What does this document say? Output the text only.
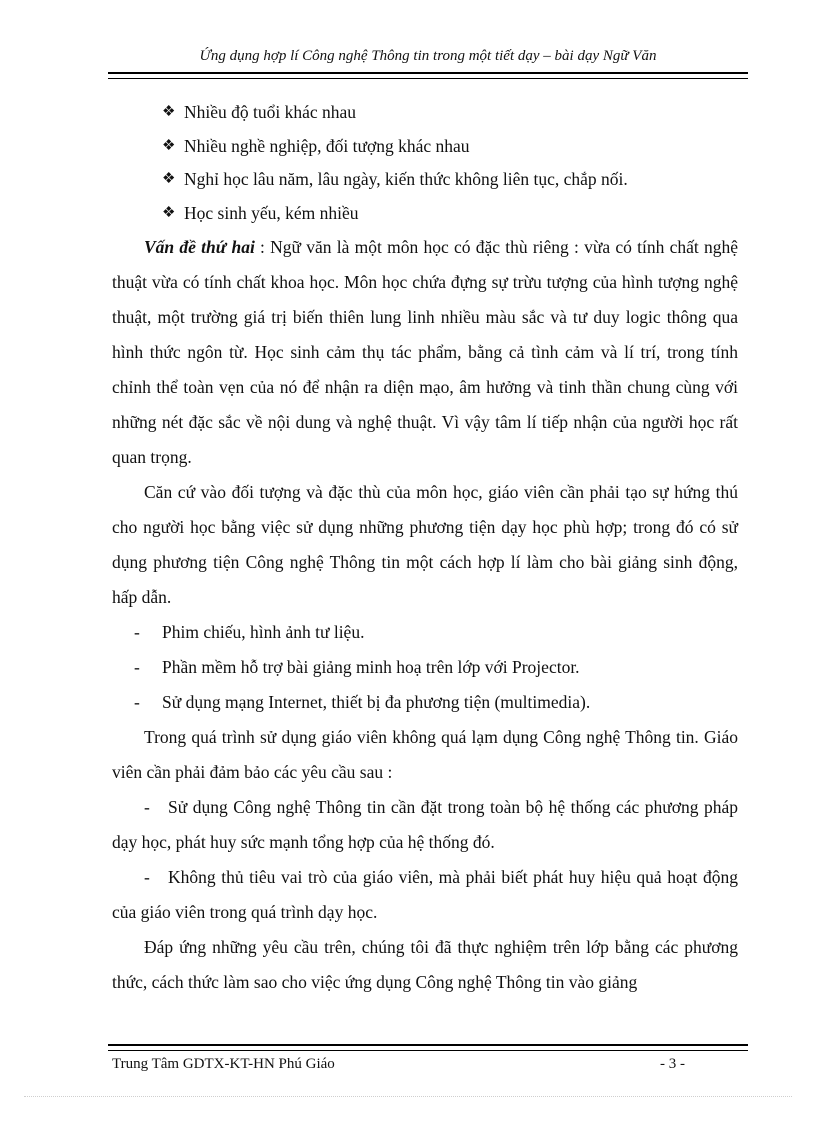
Ứng dụng hợp lí Công nghệ Thông tin trong một tiết dạy – bài dạy Ngữ Văn
❖ Nhiều độ tuổi khác nhau
❖ Nhiều nghề nghiệp, đối tượng khác nhau
❖ Nghỉ học lâu năm, lâu ngày, kiến thức không liên tục, chắp nối.
❖ Học sinh yếu, kém nhiều

Vấn đề thứ hai : Ngữ văn là một môn học có đặc thù riêng : vừa có tính chất nghệ thuật vừa có tính chất khoa học. Môn học chứa đựng sự trừu tượng của hình tượng nghệ thuật, một trường giá trị biến thiên lung linh nhiều màu sắc và tư duy logic thông qua hình thức ngôn từ. Học sinh cảm thụ tác phẩm, bằng cả tình cảm và lí trí, trong tính chỉnh thể toàn vẹn của nó để nhận ra diện mạo, âm hưởng và tinh thần chung cùng với những nét đặc sắc về nội dung và nghệ thuật. Vì vậy tâm lí tiếp nhận của người học rất quan trọng.

Căn cứ vào đối tượng và đặc thù của môn học, giáo viên cần phải tạo sự hứng thú cho người học bằng việc sử dụng những phương tiện dạy học phù hợp; trong đó có sử dụng phương tiện Công nghệ Thông tin một cách hợp lí làm cho bài giảng sinh động, hấp dẫn.

-	Phim chiếu, hình ảnh tư liệu.
-	Phần mềm hỗ trợ bài giảng minh hoạ trên lớp với Projector.
-	Sử dụng mạng Internet, thiết bị đa phương tiện (multimedia).

Trong quá trình sử dụng giáo viên không quá lạm dụng Công nghệ Thông tin. Giáo viên cần phải đảm bảo các yêu cầu sau :

- Sử dụng Công nghệ Thông tin cần đặt trong toàn bộ hệ thống các phương pháp dạy học, phát huy sức mạnh tổng hợp của hệ thống đó.

- Không thủ tiêu vai trò của giáo viên, mà phải biết phát huy hiệu quả hoạt động của giáo viên trong quá trình dạy học.

Đáp ứng những yêu cầu trên, chúng tôi đã thực nghiệm trên lớp bằng các phương thức, cách thức làm sao cho việc ứng dụng Công nghệ Thông tin vào giảng

Trung Tâm GDTX-KT-HN Phú Giáo	- 3 -
